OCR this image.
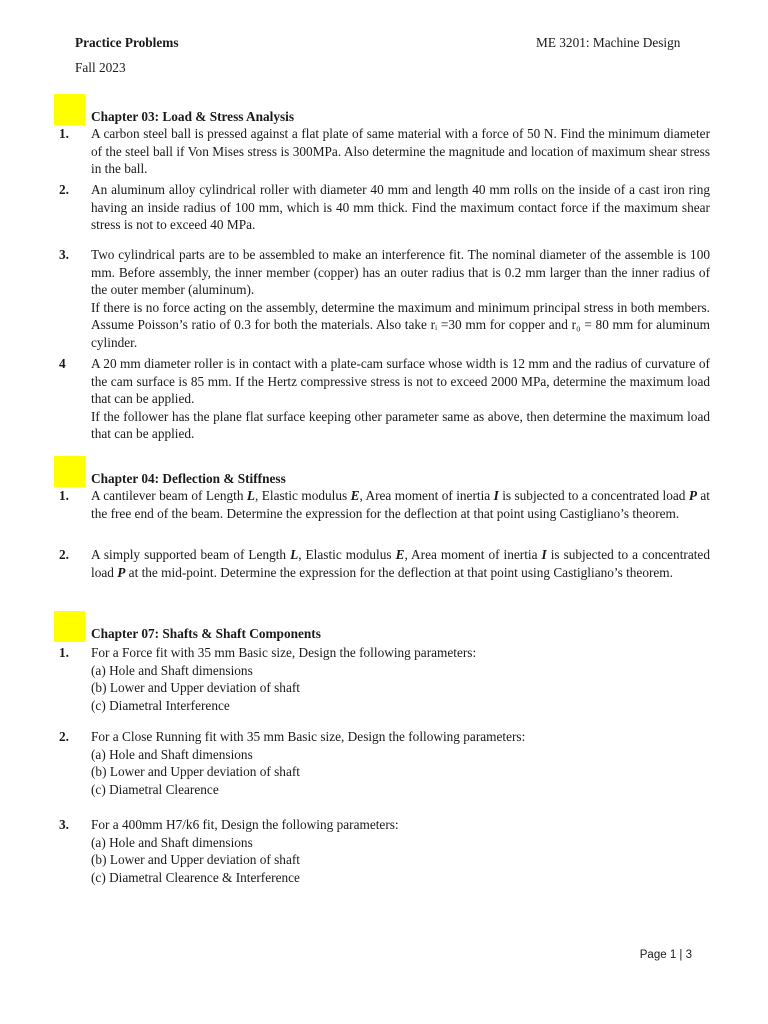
Practice Problems
Fall 2023
ME 3201: Machine Design
Chapter 03: Load & Stress Analysis
1. A carbon steel ball is pressed against a flat plate of same material with a force of 50 N. Find the minimum diameter of the steel ball if Von Mises stress is 300MPa. Also determine the magnitude and location of maximum shear stress in the ball.

2. An aluminum alloy cylindrical roller with diameter 40 mm and length 40 mm rolls on the inside of a cast iron ring having an inside radius of 100 mm, which is 40 mm thick. Find the maximum contact force if the maximum shear stress is not to exceed 40 MPa.

3. Two cylindrical parts are to be assembled to make an interference fit. The nominal diameter of the assemble is 100 mm. Before assembly, the inner member (copper) has an outer radius that is 0.2 mm larger than the inner radius of the outer member (aluminum).

If there is no force acting on the assembly, determine the maximum and minimum principal stress in both members. Assume Poisson’s ratio of 0.3 for both the materials. Also take rᵢ =30 mm for copper and r₀ = 80 mm for aluminum cylinder.

4 A 20 mm diameter roller is in contact with a plate-cam surface whose width is 12 mm and the radius of curvature of the cam surface is 85 mm. If the Hertz compressive stress is not to exceed 2000 MPa, determine the maximum load that can be applied.

If the follower has the plane flat surface keeping other parameter same as above, then determine the maximum load that can be applied.

Chapter 04: Deflection & Stiffness
1. A cantilever beam of Length L, Elastic modulus E, Area moment of inertia I is subjected to a concentrated load P at the free end of the beam. Determine the expression for the deflection at that point using Castigliano’s theorem.
2. A simply supported beam of Length L, Elastic modulus E, Area moment of inertia I is subjected to a concentrated load P at the mid-point. Determine the expression for the deflection at that point using Castigliano’s theorem.
Chapter 07: Shafts & Shaft Components
1. For a Force fit with 35 mm Basic size, Design the following parameters:

(a) Hole and Shaft dimensions
(b) Lower and Upper deviation of shaft
(c) Diametral Interference
2. For a Close Running fit with 35 mm Basic size, Design the following parameters:

(a) Hole and Shaft dimensions
(b) Lower and Upper deviation of shaft
(c) Diametral Clearence
3. For a 400mm H7/k6 fit, Design the following parameters:

(a) Hole and Shaft dimensions
(b) Lower and Upper deviation of shaft
(c) Diametral Clearence & Interference
Page 1 | 3
